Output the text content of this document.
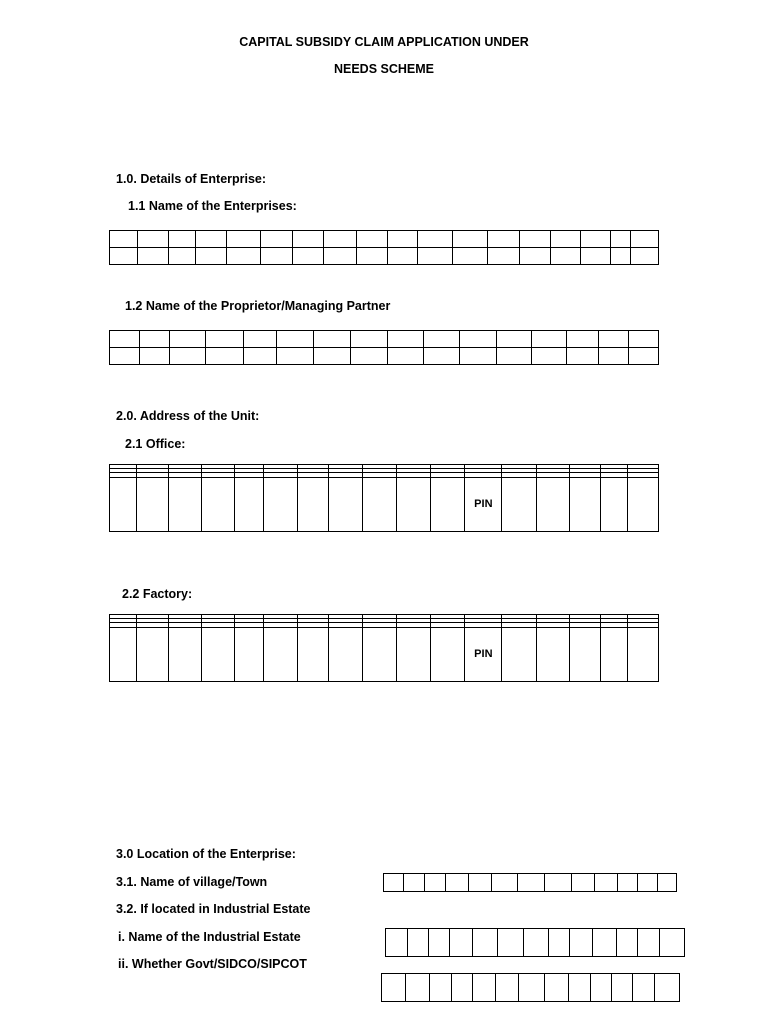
CAPITAL SUBSIDY CLAIM APPLICATION UNDER
NEEDS SCHEME
1.0. Details of Enterprise:
1.1 Name of the Enterprises:

1.2 Name of the Proprietor/Managing Partner

2.0. Address of the Unit:
2.1 Office:

											PIN					
2.2 Factory:

											PIN					
3.0 Location of the Enterprise:
3.1. Name of village/Town

3.2. If located in Industrial Estate
i. Name of the Industrial Estate

ii. Whether Govt/SIDCO/SIPCOT
